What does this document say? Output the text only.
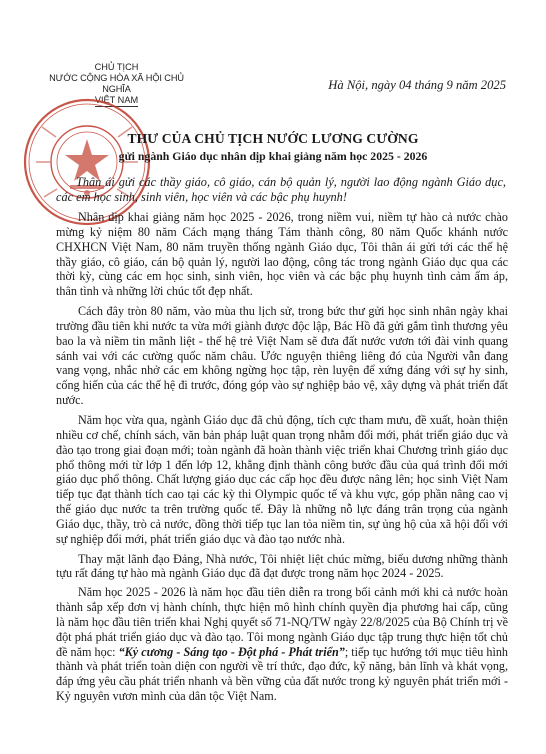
CHỦ TỊCH
NƯỚC CỘNG HÒA XÃ HỘI CHỦ NGHĨA
VIỆT NAM
Hà Nội, ngày 04 tháng 9 năm 2025
THƯ CỦA CHỦ TỊCH NƯỚC LƯƠNG CƯỜNG
gửi ngành Giáo dục nhân dịp khai giảng năm học 2025 - 2026
Thân ái gửi các thầy giáo, cô giáo, cán bộ quản lý, người lao động ngành Giáo dục, các em học sinh, sinh viên, học viên và các bậc phụ huynh!

Nhân dịp khai giảng năm học 2025 - 2026, trong niềm vui, niềm tự hào cả nước chào mừng kỷ niệm 80 năm Cách mạng tháng Tám thành công, 80 năm Quốc khánh nước CHXHCN Việt Nam, 80 năm truyền thống ngành Giáo dục, Tôi thân ái gửi tới các thế hệ thầy giáo, cô giáo, cán bộ quản lý, người lao động, công tác trong ngành Giáo dục qua các thời kỳ, cùng các em học sinh, sinh viên, học viên và các bậc phụ huynh tình cảm ấm áp, thân tình và những lời chúc tốt đẹp nhất.

Cách đây tròn 80 năm, vào mùa thu lịch sử, trong bức thư gửi học sinh nhân ngày khai trường đầu tiên khi nước ta vừa mới giành được độc lập, Bác Hồ đã gửi gắm tình thương yêu bao la và niềm tin mãnh liệt - thế hệ trẻ Việt Nam sẽ đưa đất nước vươn tới đài vinh quang sánh vai với các cường quốc năm châu. Ước nguyện thiêng liêng đó của Người vẫn đang vang vọng, nhắc nhở các em không ngừng học tập, rèn luyện để xứng đáng với sự hy sinh, cống hiến của các thế hệ đi trước, đóng góp vào sự nghiệp bảo vệ, xây dựng và phát triển đất nước.

Năm học vừa qua, ngành Giáo dục đã chủ động, tích cực tham mưu, đề xuất, hoàn thiện nhiều cơ chế, chính sách, văn bản pháp luật quan trọng nhằm đổi mới, phát triển giáo dục và đào tạo trong giai đoạn mới; toàn ngành đã hoàn thành việc triển khai Chương trình giáo dục phổ thông mới từ lớp 1 đến lớp 12, khẳng định thành công bước đầu của quá trình đổi mới giáo dục phổ thông. Chất lượng giáo dục các cấp học đều được nâng lên; học sinh Việt Nam tiếp tục đạt thành tích cao tại các kỳ thi Olympic quốc tế và khu vực, góp phần nâng cao vị thế giáo dục nước ta trên trường quốc tế. Đây là những nỗ lực đáng trân trọng của ngành Giáo dục, thầy, trò cả nước, đồng thời tiếp tục lan tỏa niềm tin, sự ủng hộ của xã hội đối với sự nghiệp đổi mới, phát triển giáo dục và đào tạo nước nhà.

Thay mặt lãnh đạo Đảng, Nhà nước, Tôi nhiệt liệt chúc mừng, biểu dương những thành tựu rất đáng tự hào mà ngành Giáo dục đã đạt được trong năm học 2024 - 2025.

Năm học 2025 - 2026 là năm học đầu tiên diễn ra trong bối cảnh mới khi cả nước hoàn thành sắp xếp đơn vị hành chính, thực hiện mô hình chính quyền địa phương hai cấp, cũng là năm học đầu tiên triển khai Nghị quyết số 71-NQ/TW ngày 22/8/2025 của Bộ Chính trị về đột phá phát triển giáo dục và đào tạo. Tôi mong ngành Giáo dục tập trung thực hiện tốt chủ đề năm học: “Kỷ cương - Sáng tạo - Đột phá - Phát triển”; tiếp tục hướng tới mục tiêu hình thành và phát triển toàn diện con người về trí thức, đạo đức, kỹ năng, bản lĩnh và khát vọng, đáp ứng yêu cầu phát triển nhanh và bền vững của đất nước trong kỷ nguyên phát triển mới - Kỷ nguyên vươn mình của dân tộc Việt Nam.
